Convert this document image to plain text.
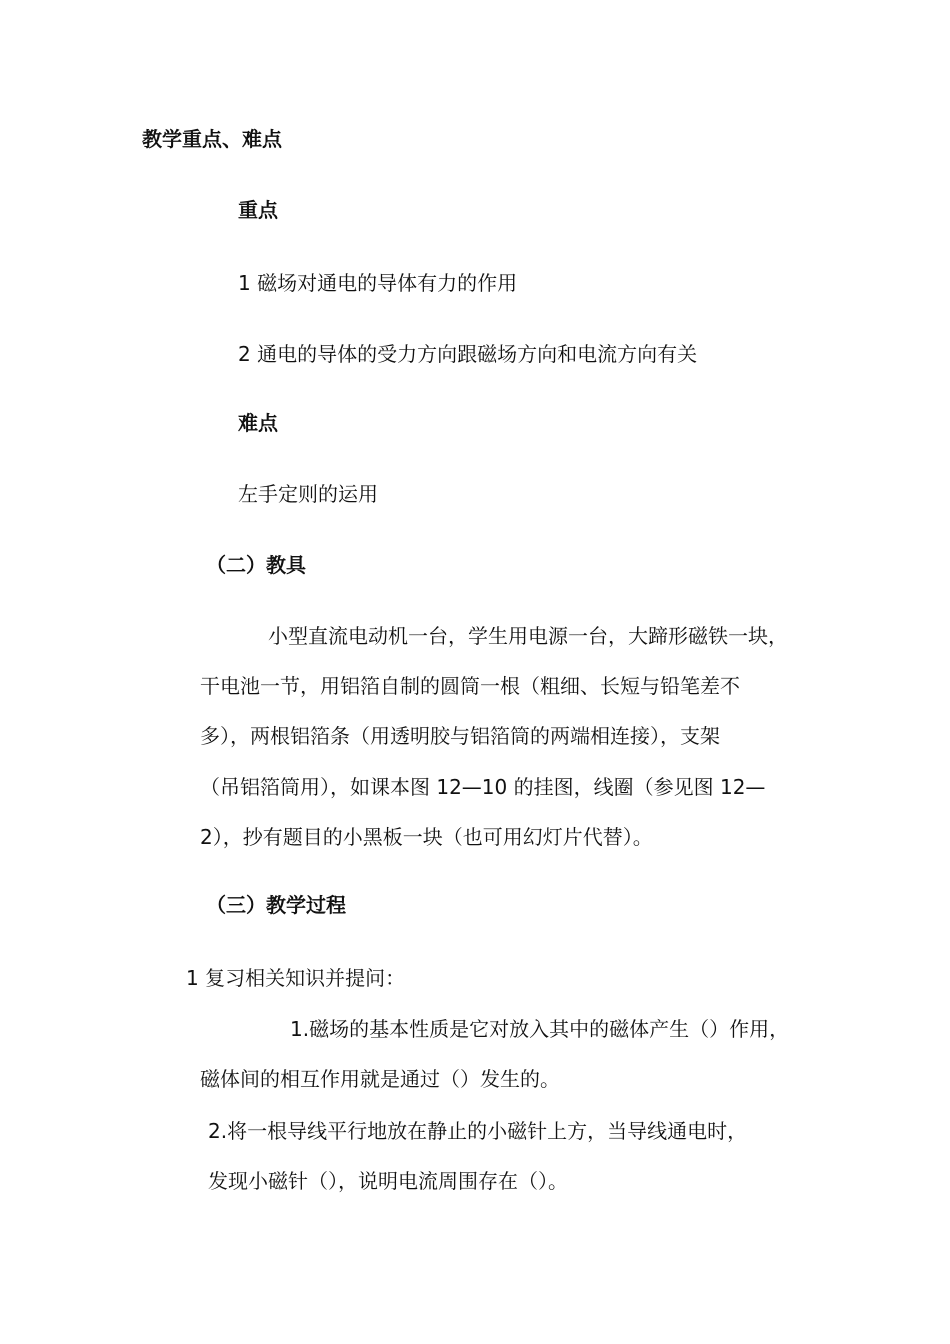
教学重点、难点
重点
1 磁场对通电的导体有力的作用
2 通电的导体的受力方向跟磁场方向和电流方向有关
难点
左手定则的运用
（二）教具
小型直流电动机一台，学生用电源一台，大蹄形磁铁一块，
干电池一节，用铝箔自制的圆筒一根（粗细、长短与铅笔差不
多），两根铝箔条（用透明胶与铝箔筒的两端相连接），支架
（吊铝箔筒用），如课本图 12—10 的挂图，线圈（参见图 12—
2），抄有题目的小黑板一块（也可用幻灯片代替）。
（三）教学过程
1 复习相关知识并提问：
1.磁场的基本性质是它对放入其中的磁体产生（）作用，
磁体间的相互作用就是通过（）发生的。
2.将一根导线平行地放在静止的小磁针上方，当导线通电时，
发现小磁针（），说明电流周围存在（）。
